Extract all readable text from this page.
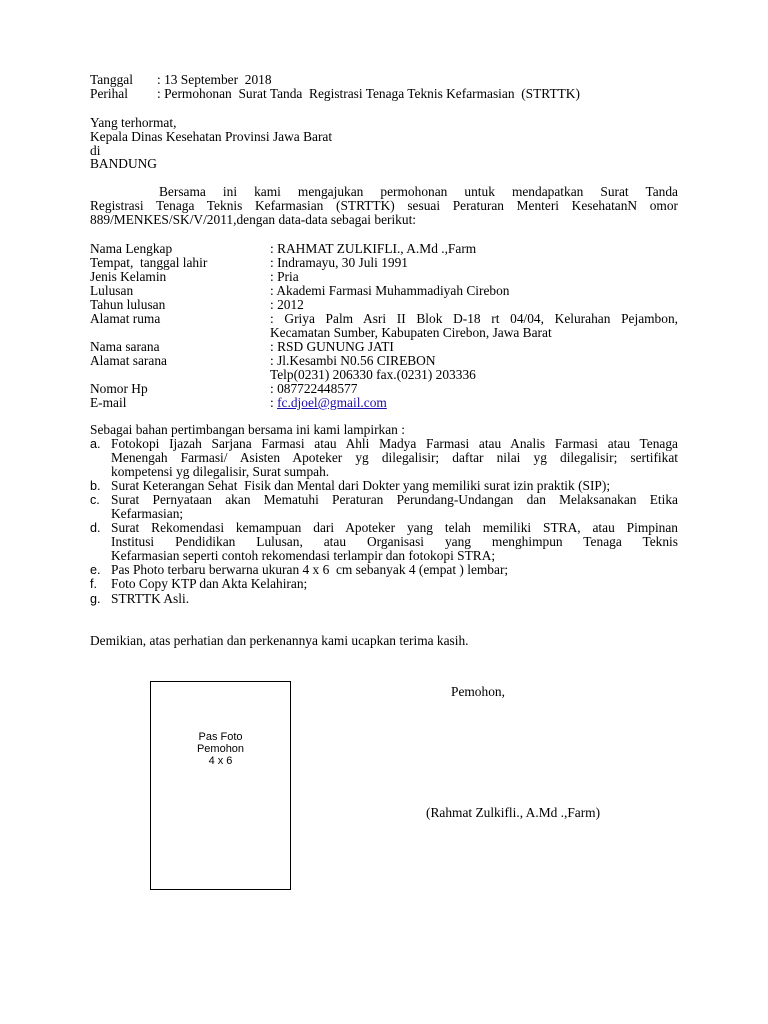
Tanggal : 13 September  2018
Perihal : Permohonan  Surat Tanda  Registrasi Tenaga Teknis Kefarmasian  (STRTTK)
Yang terhormat,
Kepala Dinas Kesehatan Provinsi Jawa Barat
di
BANDUNG
Bersama ini kami mengajukan permohonan untuk mendapatkan Surat Tanda
Registrasi Tenaga Teknis Kefarmasian (STRTTK) sesuai Peraturan Menteri KesehatanN omor
889/MENKES/SK/V/2011,dengan data-data sebagai berikut:
Nama Lengkap	: RAHMAT ZULKIFLI., A.Md .,Farm
Tempat,  tanggal lahir	: Indramayu, 30 Juli 1991
Jenis Kelamin	: Pria
Lulusan	: Akademi Farmasi Muhammadiyah Cirebon
Tahun lulusan	: 2012
Alamat ruma	: Griya Palm Asri II Blok D-18 rt 04/04, Kelurahan Pejambon,
Kecamatan Sumber, Kabupaten Cirebon, Jawa Barat
Nama sarana	: RSD GUNUNG JATI
Alamat sarana	: Jl.Kesambi N0.56 CIREBON
Telp(0231) 206330 fax.(0231) 203336
Nomor Hp	: 087722448577
E-mail	: fc.djoel@gmail.com
Sebagai bahan pertimbangan bersama ini kami lampirkan :
a. Fotokopi Ijazah Sarjana Farmasi atau Ahli Madya Farmasi atau Analis Farmasi atau Tenaga
Menengah Farmasi/ Asisten Apoteker yg dilegalisir; daftar nilai yg dilegalisir; sertifikat
kompetensi yg dilegalisir, Surat sumpah.
b. Surat Keterangan Sehat  Fisik dan Mental dari Dokter yang memiliki surat izin praktik (SIP);
c. Surat Pernyataan akan Mematuhi Peraturan Perundang-Undangan dan Melaksanakan Etika
Kefarmasian;
d. Surat Rekomendasi kemampuan dari Apoteker yang telah memiliki STRA, atau Pimpinan
Institusi Pendidikan Lulusan, atau Organisasi yang menghimpun Tenaga Teknis
Kefarmasian seperti contoh rekomendasi terlampir dan fotokopi STRA;
e. Pas Photo terbaru berwarna ukuran 4 x 6  cm sebanyak 4 (empat ) lembar;
f. Foto Copy KTP dan Akta Kelahiran;
g. STRTTK Asli.
Demikian, atas perhatian dan perkenannya kami ucapkan terima kasih.
Pas Foto
Pemohon
4 x 6
Pemohon,
(Rahmat Zulkifli., A.Md .,Farm)
